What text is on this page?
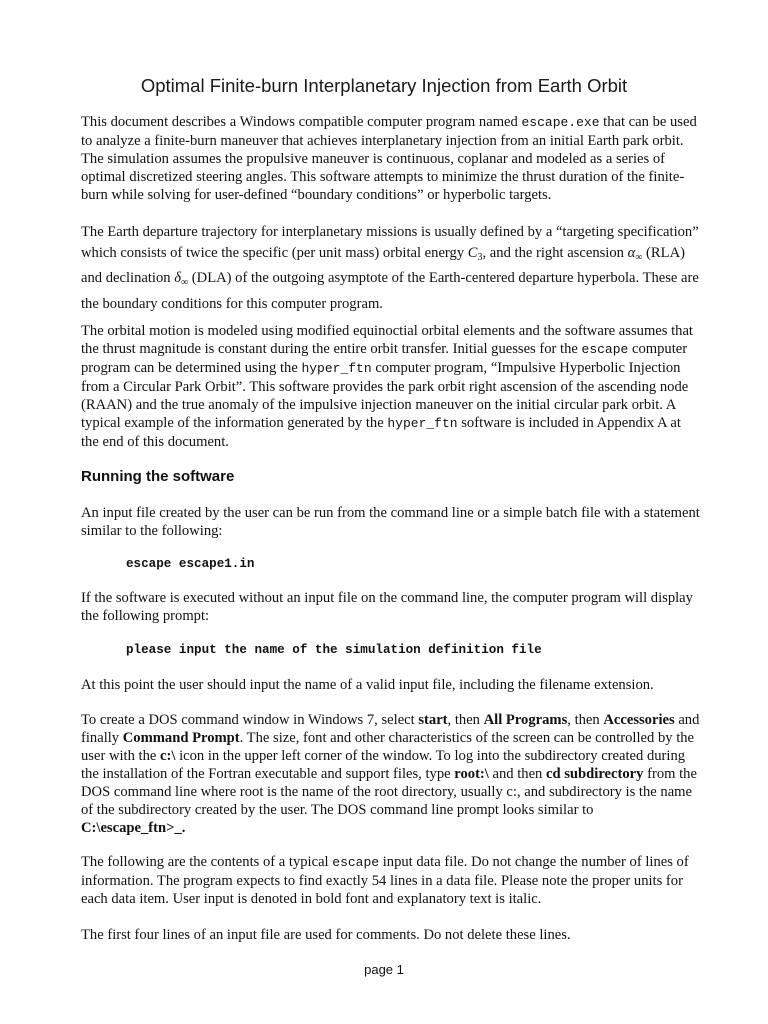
Optimal Finite-burn Interplanetary Injection from Earth Orbit

This document describes a Windows compatible computer program named escape.exe that can be used to analyze a finite-burn maneuver that achieves interplanetary injection from an initial Earth park orbit. The simulation assumes the propulsive maneuver is continuous, coplanar and modeled as a series of optimal discretized steering angles. This software attempts to minimize the thrust duration of the finite-burn while solving for user-defined “boundary conditions” or hyperbolic targets.

The Earth departure trajectory for interplanetary missions is usually defined by a “targeting specification” which consists of twice the specific (per unit mass) orbital energy $C_3$, and the right ascension $\alpha_\infty$ (RLA) and declination $\delta_\infty$ (DLA) of the outgoing asymptote of the Earth-centered departure hyperbola. These are the boundary conditions for this computer program.

The orbital motion is modeled using modified equinoctial orbital elements and the software assumes that the thrust magnitude is constant during the entire orbit transfer. Initial guesses for the escape computer program can be determined using the hyper_ftn computer program, “Impulsive Hyperbolic Injection from a Circular Park Orbit”. This software provides the park orbit right ascension of the ascending node (RAAN) and the true anomaly of the impulsive injection maneuver on the initial circular park orbit. A typical example of the information generated by the hyper_ftn software is included in Appendix A at the end of this document.

Running the software

An input file created by the user can be run from the command line or a simple batch file with a statement similar to the following:

escape escape1.in

If the software is executed without an input file on the command line, the computer program will display the following prompt:

please input the name of the simulation definition file

At this point the user should input the name of a valid input file, including the filename extension.

To create a DOS command window in Windows 7, select start, then All Programs, then Accessories and finally Command Prompt. The size, font and other characteristics of the screen can be controlled by the user with the c:\ icon in the upper left corner of the window. To log into the subdirectory created during the installation of the Fortran executable and support files, type root:\ and then cd subdirectory from the DOS command line where root is the name of the root directory, usually c:, and subdirectory is the name of the subdirectory created by the user. The DOS command line prompt looks similar to C:\escape_ftn>_.

The following are the contents of a typical escape input data file. Do not change the number of lines of information. The program expects to find exactly 54 lines in a data file. Please note the proper units for each data item. User input is denoted in bold font and explanatory text is italic.

The first four lines of an input file are used for comments. Do not delete these lines.

page 1
